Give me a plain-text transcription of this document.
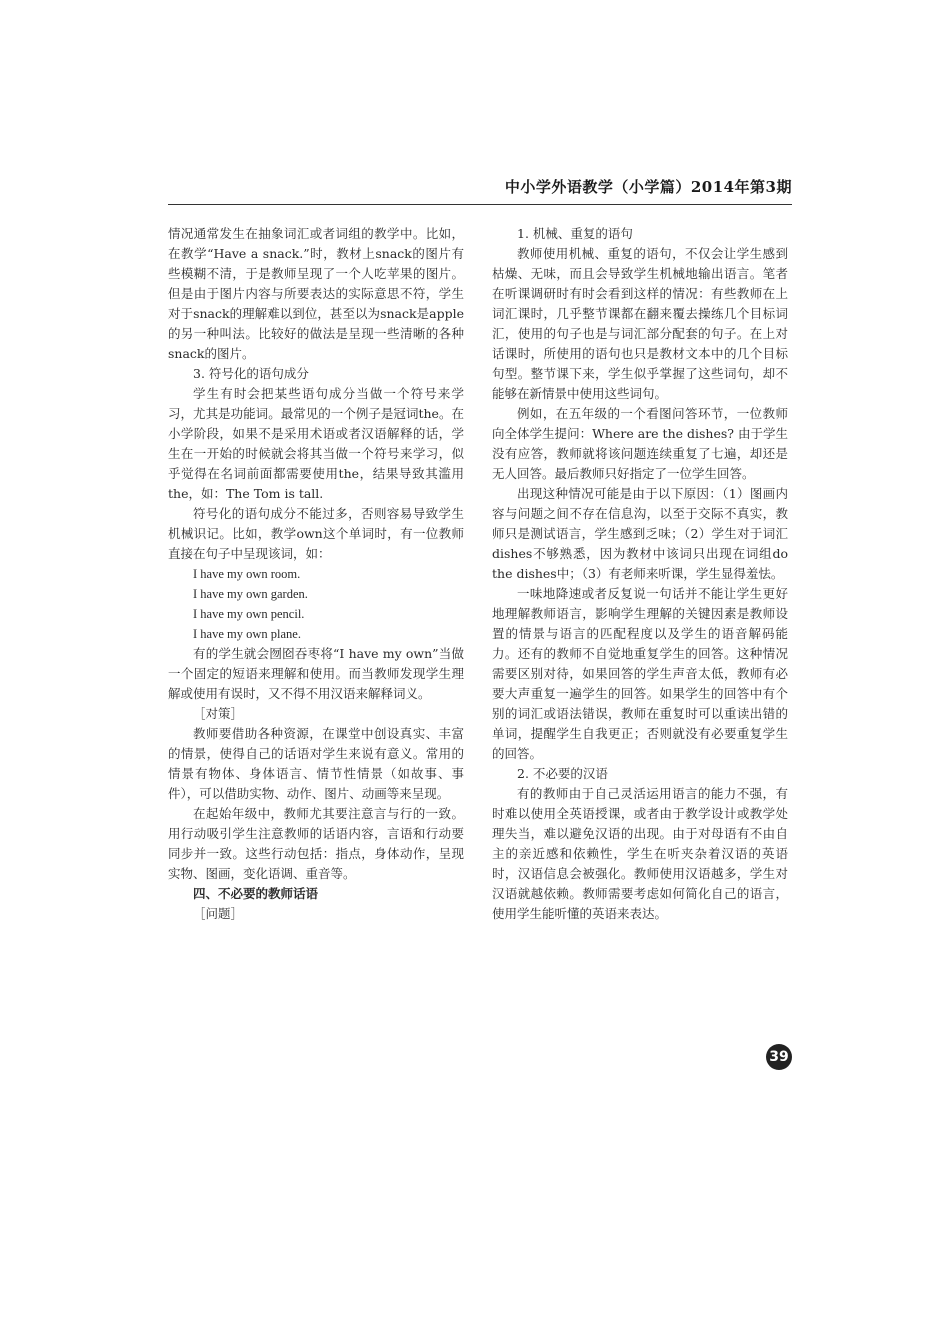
中小学外语教学（小学篇）2014年第3期

情况通常发生在抽象词汇或者词组的教学中。比如，在教学“Have a snack.”时，教材上snack的图片有些模糊不清，于是教师呈现了一个人吃苹果的图片。但是由于图片内容与所要表达的实际意思不符，学生对于snack的理解难以到位，甚至以为snack是apple的另一种叫法。比较好的做法是呈现一些清晰的各种snack的图片。

3. 符号化的语句成分

学生有时会把某些语句成分当做一个符号来学习，尤其是功能词。最常见的一个例子是冠词the。在小学阶段，如果不是采用术语或者汉语解释的话，学生在一开始的时候就会将其当做一个符号来学习，似乎觉得在名词前面都需要使用the，结果导致其滥用the，如：The Tom is tall.

符号化的语句成分不能过多，否则容易导致学生机械识记。比如，教学own这个单词时，有一位教师直接在句子中呈现该词，如：

I have my own room.

I have my own garden.

I have my own pencil.

I have my own plane.

有的学生就会囫囵吞枣将“I have my own”当做一个固定的短语来理解和使用。而当教师发现学生理解或使用有误时，又不得不用汉语来解释词义。

［对策］

教师要借助各种资源，在课堂中创设真实、丰富的情景，使得自己的话语对学生来说有意义。常用的情景有物体、身体语言、情节性情景（如故事、事件），可以借助实物、动作、图片、动画等来呈现。

在起始年级中，教师尤其要注意言与行的一致。用行动吸引学生注意教师的话语内容，言语和行动要同步并一致。这些行动包括：指点，身体动作，呈现实物、图画，变化语调、重音等。

四、不必要的教师话语

［问题］

1. 机械、重复的语句

教师使用机械、重复的语句，不仅会让学生感到枯燥、无味，而且会导致学生机械地输出语言。笔者在听课调研时有时会看到这样的情况：有些教师在上词汇课时，几乎整节课都在翻来覆去操练几个目标词汇，使用的句子也是与词汇部分配套的句子。在上对话课时，所使用的语句也只是教材文本中的几个目标句型。整节课下来，学生似乎掌握了这些词句，却不能够在新情景中使用这些词句。

例如，在五年级的一个看图问答环节，一位教师向全体学生提问：Where are the dishes? 由于学生没有应答，教师就将该问题连续重复了七遍，却还是无人回答。最后教师只好指定了一位学生回答。

出现这种情况可能是由于以下原因：（1）图画内容与问题之间不存在信息沟，以至于交际不真实，教师只是测试语言，学生感到乏味；（2）学生对于词汇dishes不够熟悉，因为教材中该词只出现在词组do the dishes中；（3）有老师来听课，学生显得羞怯。

一味地降速或者反复说一句话并不能让学生更好地理解教师语言，影响学生理解的关键因素是教师设置的情景与语言的匹配程度以及学生的语音解码能力。还有的教师不自觉地重复学生的回答。这种情况需要区别对待，如果回答的学生声音太低，教师有必要大声重复一遍学生的回答。如果学生的回答中有个别的词汇或语法错误，教师在重复时可以重读出错的单词，提醒学生自我更正；否则就没有必要重复学生的回答。

2. 不必要的汉语

有的教师由于自己灵活运用语言的能力不强，有时难以使用全英语授课，或者由于教学设计或教学处理失当，难以避免汉语的出现。由于对母语有不由自主的亲近感和依赖性，学生在听夹杂着汉语的英语时，汉语信息会被强化。教师使用汉语越多，学生对汉语就越依赖。教师需要考虑如何简化自己的语言，使用学生能听懂的英语来表达。

39
